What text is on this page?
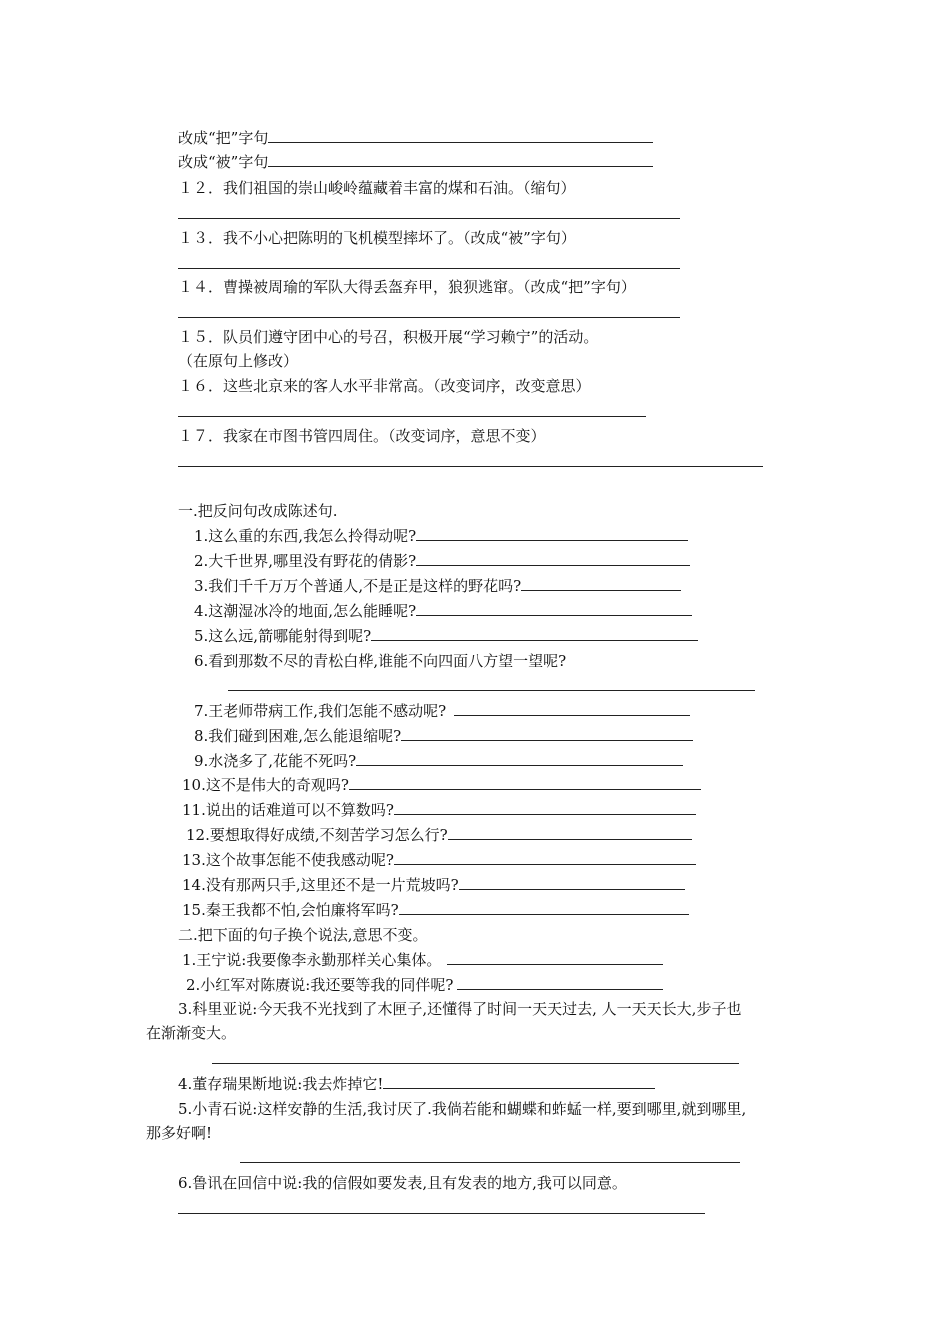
改成“把”字句
改成“被”字句
１２．我们祖国的崇山峻岭蕴藏着丰富的煤和石油。（缩句）
１３．我不小心把陈明的飞机模型摔坏了。（改成“被”字句）
１４．曹操被周瑜的军队大得丢盔弃甲，狼狈逃窜。（改成“把”字句）
１５．队员们遵守团中心的号召，积极开展“学习赖宁”的活动。
（在原句上修改）
１６．这些北京来的客人水平非常高。（改变词序，改变意思）
１７．我家在市图书管四周住。（改变词序，意思不变）
一.把反问句改成陈述句.
1.这么重的东西,我怎么拎得动呢?
2.大千世界,哪里没有野花的倩影?
3.我们千千万万个普通人,不是正是这样的野花吗?
4.这潮湿冰冷的地面,怎么能睡呢?
5.这么远,箭哪能射得到呢?
6.看到那数不尽的青松白桦,谁能不向四面八方望一望呢?
7.王老师带病工作,我们怎能不感动呢?
8.我们碰到困难,怎么能退缩呢?
9.水浇多了,花能不死吗?
10.这不是伟大的奇观吗?
11.说出的话难道可以不算数吗?
12.要想取得好成绩,不刻苦学习怎么行?
13.这个故事怎能不使我感动呢?
14.没有那两只手,这里还不是一片荒坡吗?
15.秦王我都不怕,会怕廉将军吗?
二.把下面的句子换个说法,意思不变。
1.王宁说:我要像李永勤那样关心集体。
2.小红军对陈赓说:我还要等我的同伴呢?
3.科里亚说:今天我不光找到了木匣子,还懂得了时间一天天过去, 人一天天长大,步子也
在渐渐变大。
4.董存瑞果断地说:我去炸掉它!
5.小青石说:这样安静的生活,我讨厌了.我倘若能和蝴蝶和蚱蜢一样,要到哪里,就到哪里,
那多好啊!
6.鲁讯在回信中说:我的信假如要发表,且有发表的地方,我可以同意。
